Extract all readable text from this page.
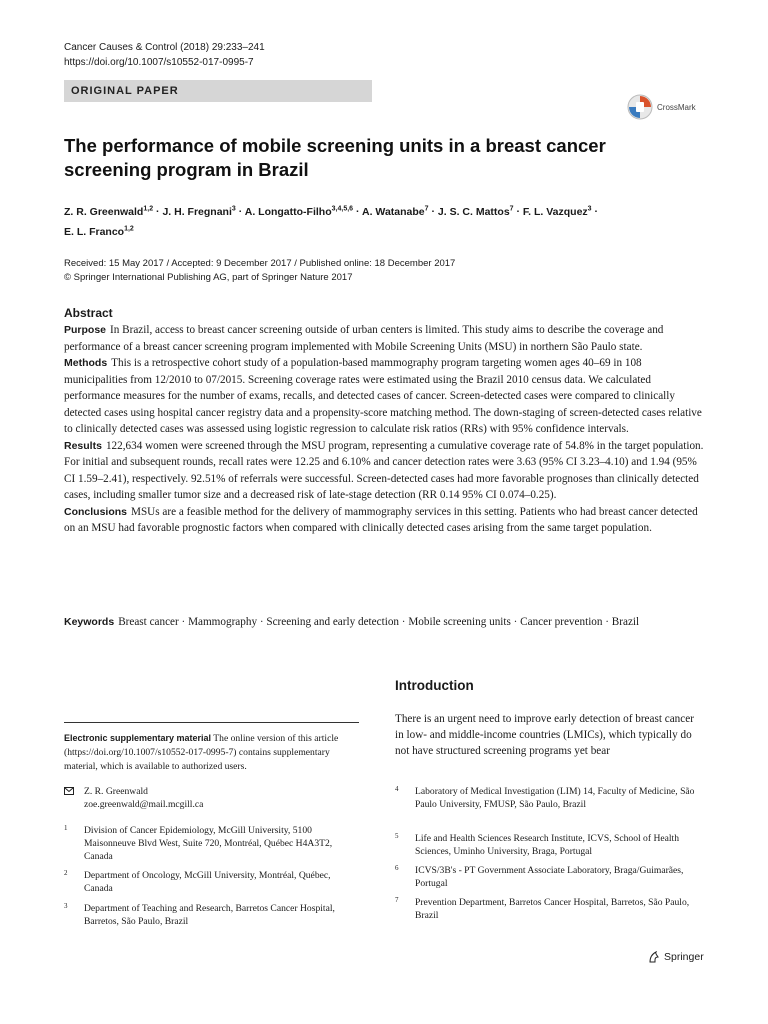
Cancer Causes & Control (2018) 29:233–241
https://doi.org/10.1007/s10552-017-0995-7
ORIGINAL PAPER
CrossMark
The performance of mobile screening units in a breast cancer screening program in Brazil
Z. R. Greenwald$^{1,2}$ · J. H. Fregnani$^3$ · A. Longatto-Filho$^{3,4,5,6}$ · A. Watanabe$^7$ · J. S. C. Mattos$^7$ · F. L. Vazquez$^3$ ·
E. L. Franco$^{1,2}$
Received: 15 May 2017 / Accepted: 9 December 2017 / Published online: 18 December 2017
© Springer International Publishing AG, part of Springer Nature 2017
Abstract

Purpose In Brazil, access to breast cancer screening outside of urban centers is limited. This study aims to describe the coverage and performance of a breast cancer screening program implemented with Mobile Screening Units (MSU) in northern São Paulo state.

Methods This is a retrospective cohort study of a population-based mammography program targeting women ages 40–69 in 108 municipalities from 12/2010 to 07/2015. Screening coverage rates were estimated using the Brazil 2010 census data. We calculated performance measures for the number of exams, recalls, and detected cases of cancer. Screen-detected cases were compared to clinically detected cases using hospital cancer registry data and a propensity-score matching method. The down-staging of screen-detected cases relative to clinically detected cases was assessed using logistic regression to calculate risk ratios (RRs) with 95% confidence intervals.

Results 122,634 women were screened through the MSU program, representing a cumulative coverage rate of 54.8% in the target population. For initial and subsequent rounds, recall rates were 12.25 and 6.10% and cancer detection rates were 3.63 (95% CI 3.23–4.10) and 1.94 (95% CI 1.59–2.41), respectively. 92.51% of referrals were successful. Screen-detected cases had more favorable prognoses than clinically detected cases, including smaller tumor size and a decreased risk of late-stage detection (RR 0.14 95% CI 0.074–0.25).

Conclusions MSUs are a feasible method for the delivery of mammography services in this setting. Patients who had breast cancer detected on an MSU had favorable prognostic factors when compared with clinically detected cases arising from the same target population.

Keywords Breast cancer · Mammography · Screening and early detection · Mobile screening units · Cancer prevention · Brazil
Introduction
There is an urgent need to improve early detection of breast cancer in low- and middle-income countries (LMICs), which typically do not have structured screening programs yet bear
Electronic supplementary material The online version of this article (https://doi.org/10.1007/s10552-017-0995-7) contains supplementary material, which is available to authorized users.
Z. R. Greenwald
zoe.greenwald@mail.mcgill.ca
1 Division of Cancer Epidemiology, McGill University, 5100 Maisonneuve Blvd West, Suite 720, Montréal, Québec H4A3T2, Canada
2 Department of Oncology, McGill University, Montréal, Québec, Canada
3 Department of Teaching and Research, Barretos Cancer Hospital, Barretos, São Paulo, Brazil
4 Laboratory of Medical Investigation (LIM) 14, Faculty of Medicine, São Paulo University, FMUSP, São Paulo, Brazil
5 Life and Health Sciences Research Institute, ICVS, School of Health Sciences, Uminho University, Braga, Portugal
6 ICVS/3B's - PT Government Associate Laboratory, Braga/Guimarães, Portugal
7 Prevention Department, Barretos Cancer Hospital, Barretos, São Paulo, Brazil
Springer
